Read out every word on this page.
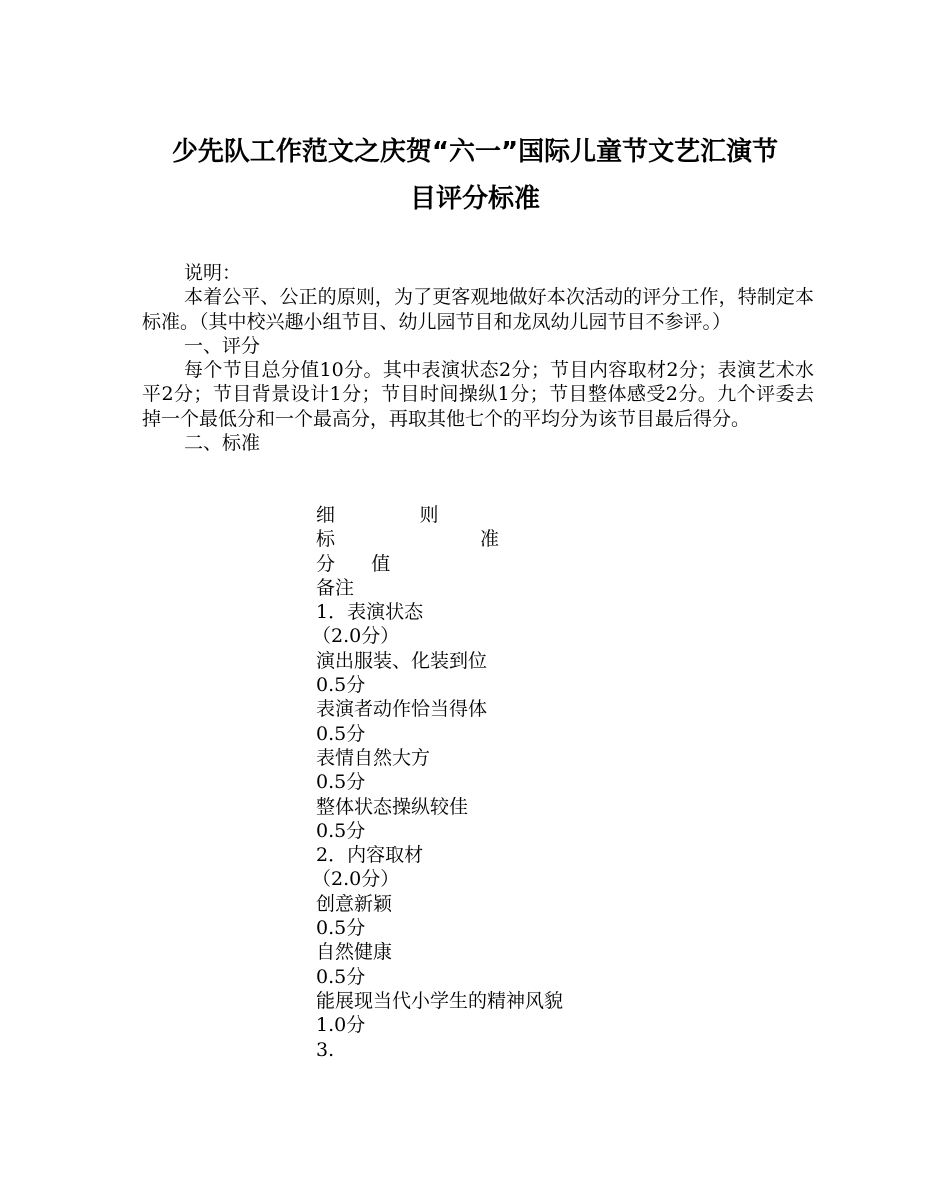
少先队工作范文之庆贺“六一”国际儿童节文艺汇演节
目评分标准

说明：

本着公平、公正的原则，为了更客观地做好本次活动的评分工作，特制定本标准。（其中校兴趣小组节目、幼儿园节目和龙凤幼儿园节目不参评。）

一、评分

每个节目总分值10分。其中表演状态2分；节目内容取材2分；表演艺术水平2分；节目背景设计1分；节目时间操纵1分；节目整体感受2分。九个评委去掉一个最低分和一个最高分，再取其他七个的平均分为该节目最后得分。

二、标准

细              则
标                        准
分      值
备注
1．表演状态
（2.0分）
演出服装、化装到位
0.5分
表演者动作恰当得体
0.5分
表情自然大方
0.5分
整体状态操纵较佳
0.5分
2．内容取材
（2.0分）
创意新颖
0.5分
自然健康
0.5分
能展现当代小学生的精神风貌
1.0分
3.
